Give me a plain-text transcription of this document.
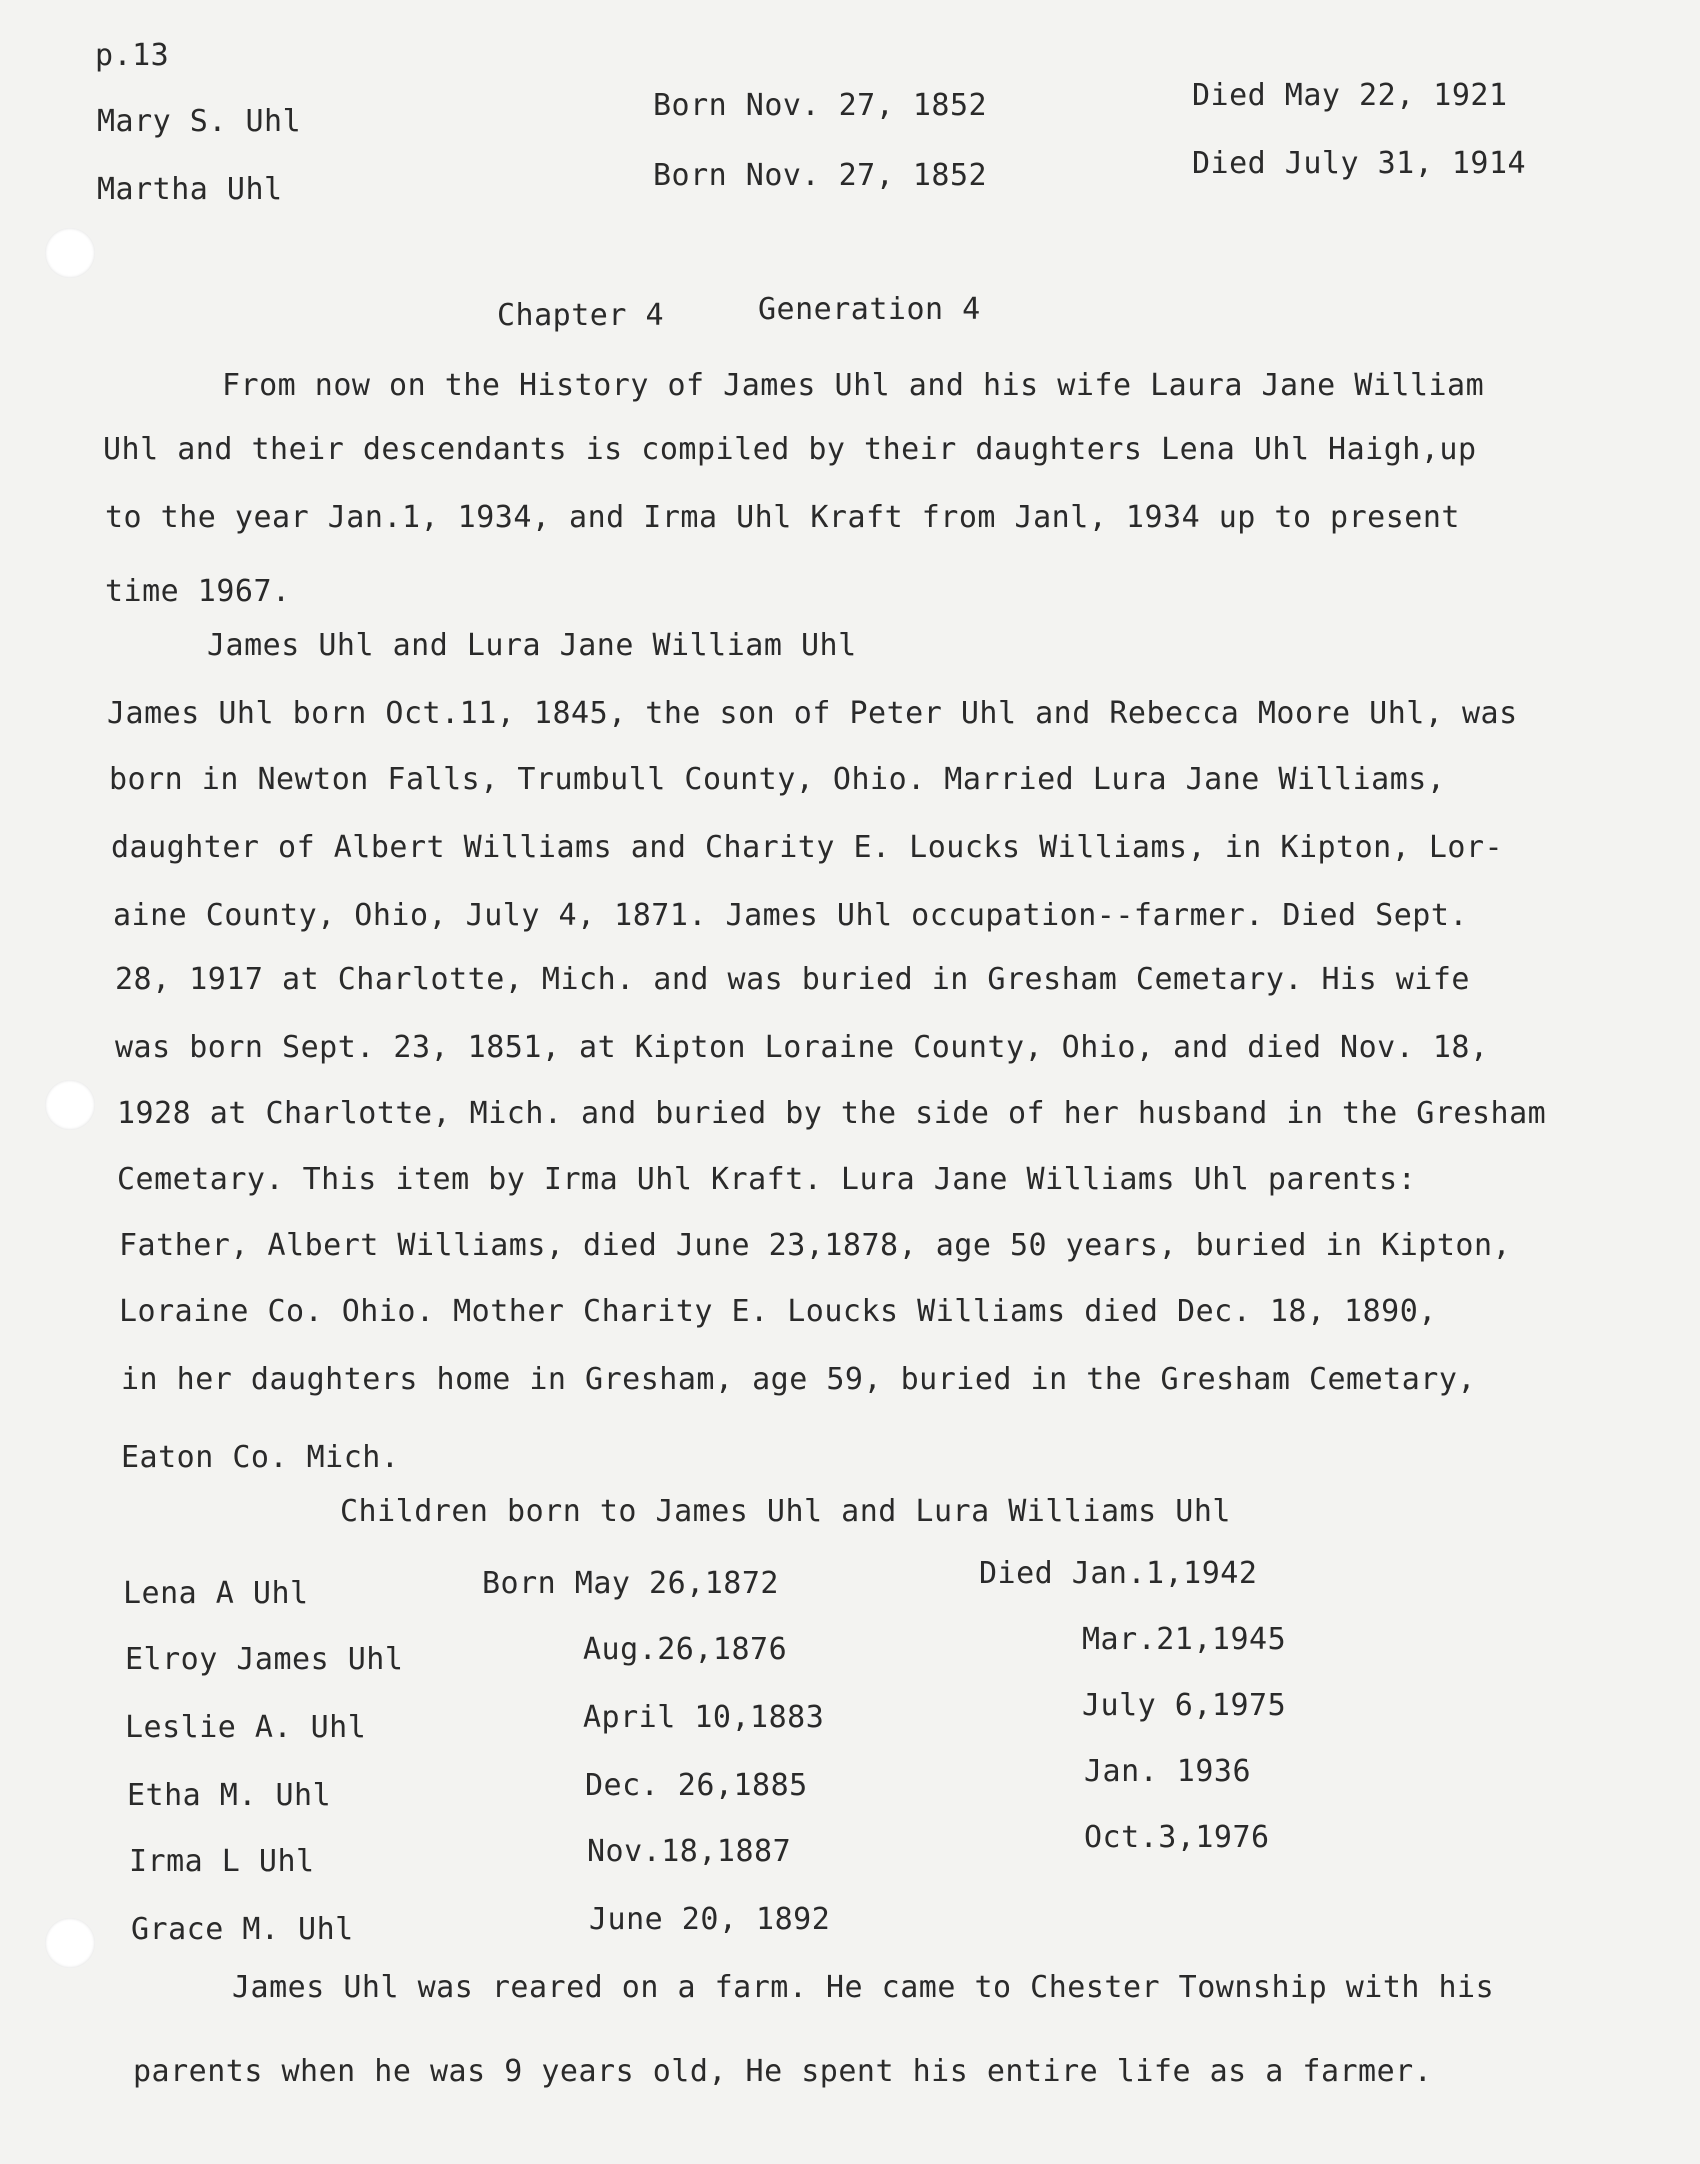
p.13
Mary S. Uhl	Born Nov. 27, 1852	Died May 22, 1921
Martha Uhl	Born Nov. 27, 1852	Died July 31, 1914
Chapter 4	Generation 4
From now on the History of James Uhl and his wife Laura Jane William
Uhl and their descendants is compiled by their daughters Lena Uhl Haigh,up
to the year Jan.1, 1934, and Irma Uhl Kraft from Janl, 1934 up to present
time 1967.
James Uhl and Lura Jane William Uhl
James Uhl born Oct.11, 1845, the son of Peter Uhl and Rebecca Moore Uhl, was
born in Newton Falls, Trumbull County, Ohio. Married Lura Jane Williams,
daughter of Albert Williams and Charity E. Loucks Williams, in Kipton, Lor-
aine County, Ohio, July 4, 1871. James Uhl occupation--farmer. Died Sept.
28, 1917 at Charlotte, Mich. and was buried in Gresham Cemetary. His wife
was born Sept. 23, 1851, at Kipton Loraine County, Ohio, and died Nov. 18,
1928 at Charlotte, Mich. and buried by the side of her husband in the Gresham
Cemetary. This item by Irma Uhl Kraft. Lura Jane Williams Uhl parents:
Father, Albert Williams, died June 23,1878, age 50 years, buried in Kipton,
Loraine Co. Ohio. Mother Charity E. Loucks Williams died Dec. 18, 1890,
in her daughters home in Gresham, age 59, buried in the Gresham Cemetary,
Eaton Co. Mich.
Children born to James Uhl and Lura Williams Uhl
Lena A Uhl	Born May 26,1872	Died Jan.1,1942
Elroy James Uhl	Aug.26,1876	Mar.21,1945
Leslie A. Uhl	April 10,1883	July 6,1975
Etha M. Uhl	Dec. 26,1885	Jan. 1936
Irma L Uhl	Nov.18,1887	Oct.3,1976
Grace M. Uhl	June 20, 1892
James Uhl was reared on a farm. He came to Chester Township with his
parents when he was 9 years old, He spent his entire life as a farmer.
